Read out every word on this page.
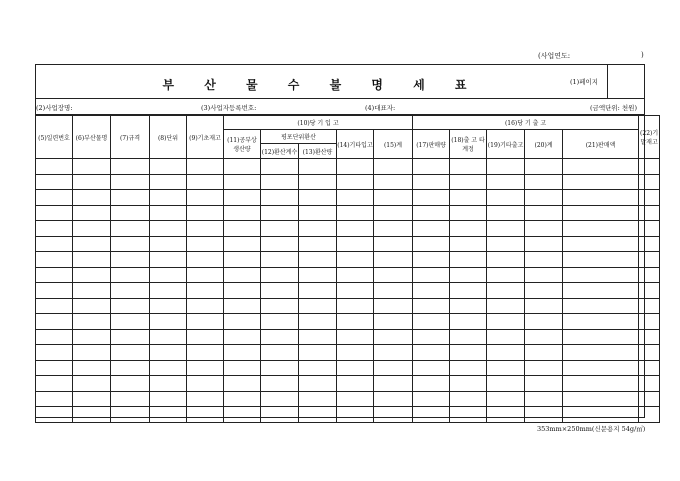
(사업연도:	)
부 산 물 수 불 명 세 표	(1)페이지
(2)사업장명:	(3)사업자등록번호:	(4)대표자:	(금액단위: 천원)
(5)일련번호	(6)부산물명	(7)규격	(8)단위	(9)기초재고	(10)당 기 입 고					(16)당 기 출 고					(22)기말재고
					(11)공부상 생산량	평포단위환산		(14)기타입고	(15)계	(17)판매량	(18)출 고 타계정	(19)기타출고	(20)계	(21)판매액	
						(12)환산계수	(13)환산량								

353mm×250mm(신문용지 54g/㎡)
